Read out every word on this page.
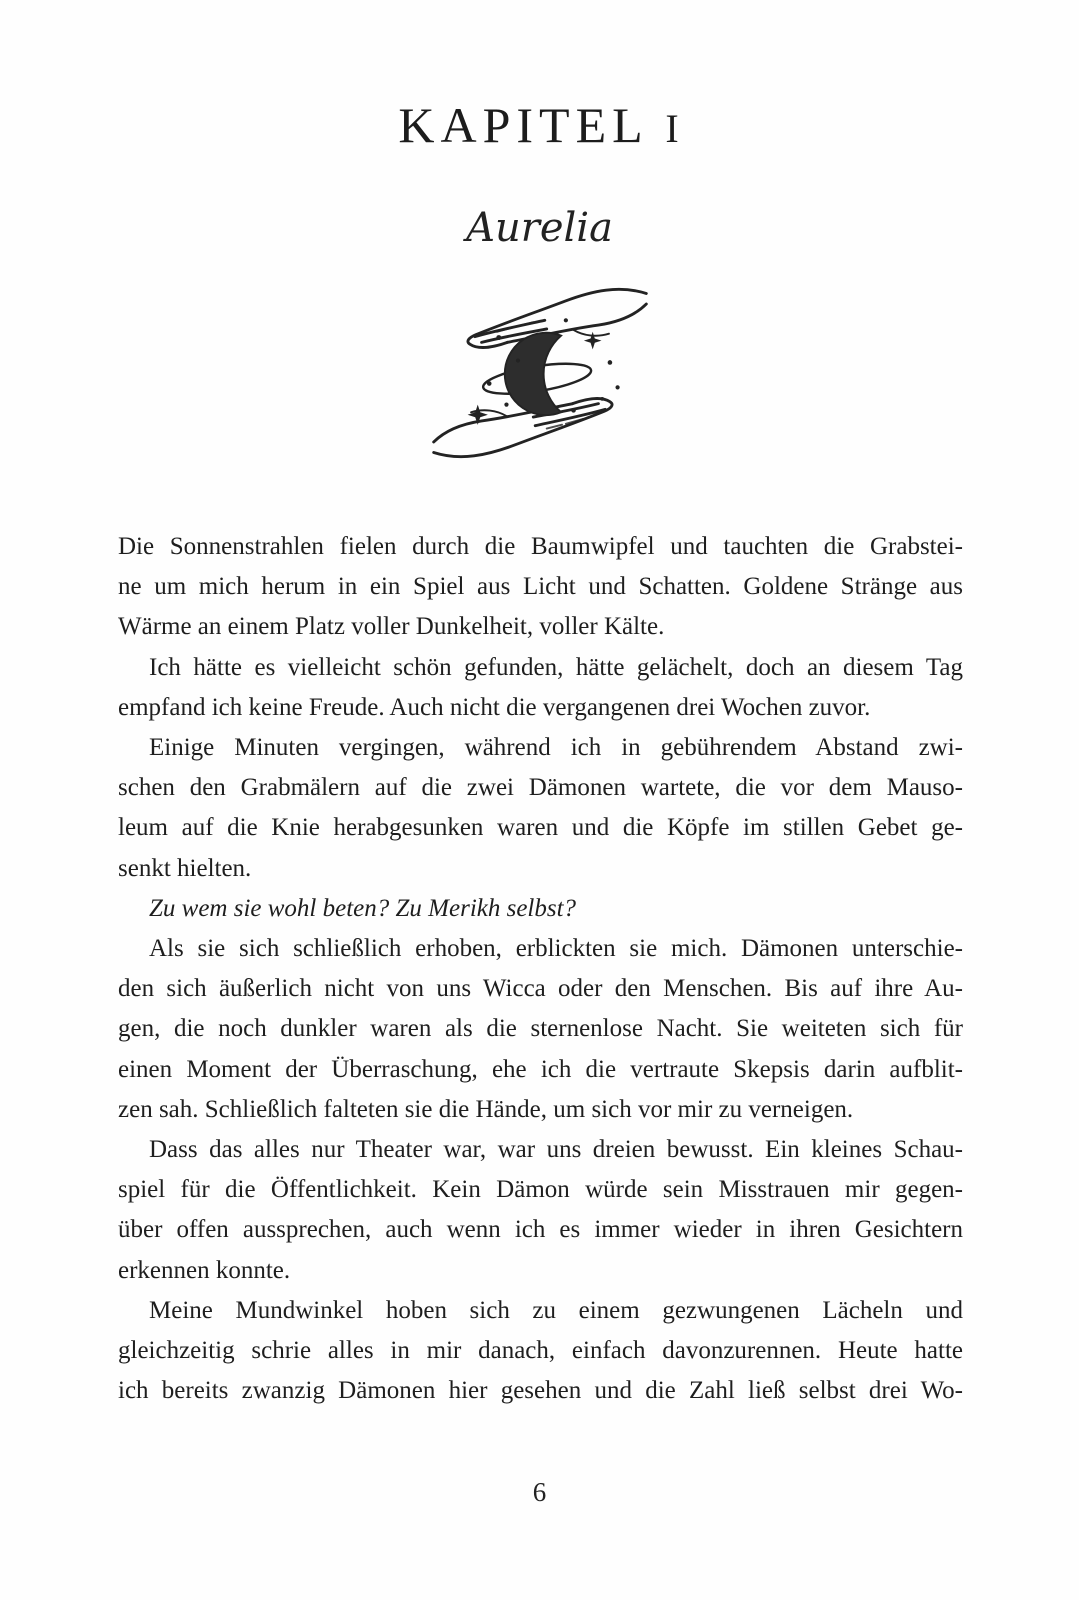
KAPITEL I
Aurelia
Die Sonnenstrahlen fielen durch die Baumwipfel und tauchten die Grabstei-
ne um mich herum in ein Spiel aus Licht und Schatten. Goldene Stränge aus
Wärme an einem Platz voller Dunkelheit, voller Kälte.
Ich hätte es vielleicht schön gefunden, hätte gelächelt, doch an diesem Tag
empfand ich keine Freude. Auch nicht die vergangenen drei Wochen zuvor.
Einige Minuten vergingen, während ich in gebührendem Abstand zwi-
schen den Grabmälern auf die zwei Dämonen wartete, die vor dem Mauso-
leum auf die Knie herabgesunken waren und die Köpfe im stillen Gebet ge-
senkt hielten.
Zu wem sie wohl beten? Zu Merikh selbst?
Als sie sich schließlich erhoben, erblickten sie mich. Dämonen unterschie-
den sich äußerlich nicht von uns Wicca oder den Menschen. Bis auf ihre Au-
gen, die noch dunkler waren als die sternenlose Nacht. Sie weiteten sich für
einen Moment der Überraschung, ehe ich die vertraute Skepsis darin aufblit-
zen sah. Schließlich falteten sie die Hände, um sich vor mir zu verneigen.
Dass das alles nur Theater war, war uns dreien bewusst. Ein kleines Schau-
spiel für die Öffentlichkeit. Kein Dämon würde sein Misstrauen mir gegen-
über offen aussprechen, auch wenn ich es immer wieder in ihren Gesichtern
erkennen konnte.
Meine Mundwinkel hoben sich zu einem gezwungenen Lächeln und
gleichzeitig schrie alles in mir danach, einfach davonzurennen. Heute hatte
ich bereits zwanzig Dämonen hier gesehen und die Zahl ließ selbst drei Wo-
6
